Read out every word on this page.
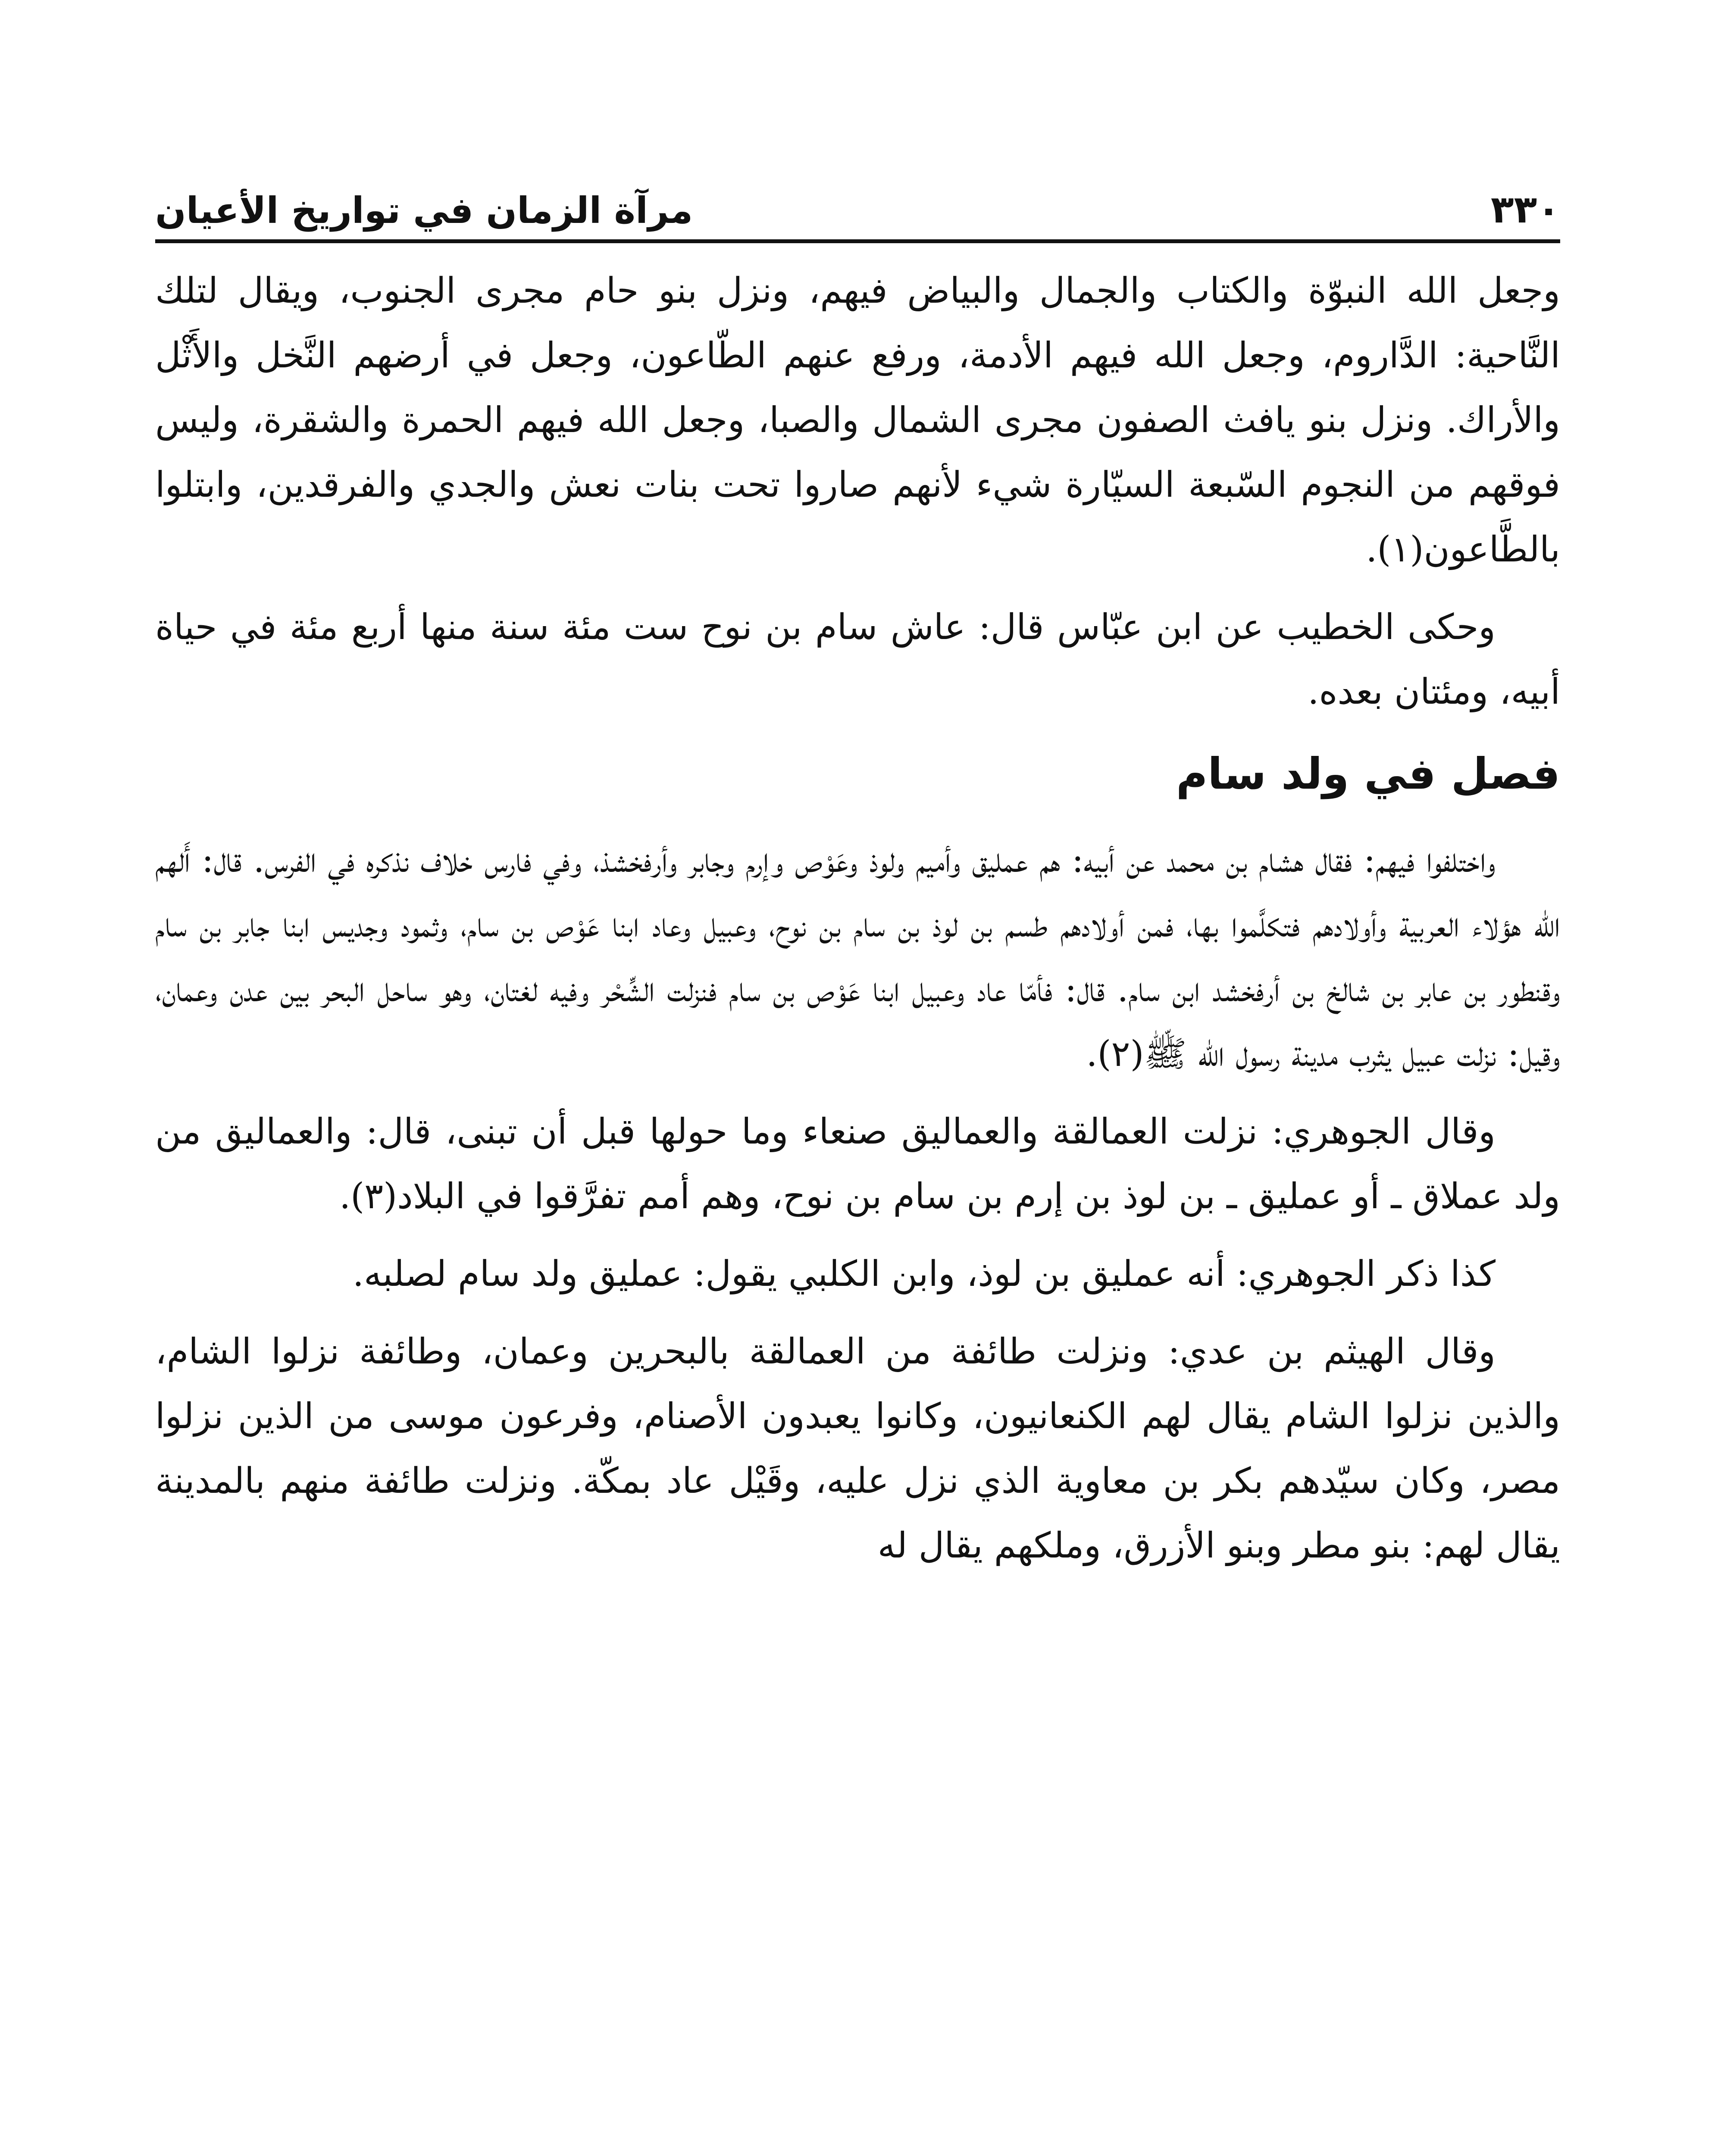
٣٣٠
مرآة الزمان في تواريخ الأعيان

وجعل الله النبوّة والكتاب والجمال والبياض فيهم، ونزل بنو حام مجرى الجنوب، ويقال لتلك النَّاحية: الدَّاروم، وجعل الله فيهم الأدمة، ورفع عنهم الطّاعون، وجعل في أرضهم النَّخل والأَثْل والأراك. ونزل بنو يافث الصفون مجرى الشمال والصبا، وجعل الله فيهم الحمرة والشقرة، وليس فوقهم من النجوم السّبعة السيّارة شيء لأنهم صاروا تحت بنات نعش والجدي والفرقدين، وابتلوا بالطَّاعون(١).

وحكى الخطيب عن ابن عبّاس قال: عاش سام بن نوح ست مئة سنة منها أربع مئة في حياة أبيه، ومئتان بعده.

فصل في ولد سام

واختلفوا فيهم: فقال هشام بن محمد عن أبيه: هم عمليق وأميم ولوذ وعَوْص وإرم وجابر وأرفخشذ، وفي فارس خلاف نذكره في الفرس. قال: أَلهم الله هؤلاء العربية وأولادهم فتكلَّموا بها، فمن أولادهم طسم بن لوذ بن سام بن نوح، وعبيل وعاد ابنا عَوْص بن سام، وثمود وجديس ابنا جابر بن سام وقنطور بن عابر بن شالخ بن أرفخشد ابن سام. قال: فأمّا عاد وعبيل ابنا عَوْص بن سام فنزلت الشِّحْر وفيه لغتان، وهو ساحل البحر بين عدن وعمان، وقيل: نزلت عبيل يثرب مدينة رسول الله ﷺ(٢).

وقال الجوهري: نزلت العمالقة والعماليق صنعاء وما حولها قبل أن تبنى، قال: والعماليق من ولد عملاق ـ أو عمليق ـ بن لوذ بن إرم بن سام بن نوح، وهم أمم تفرَّقوا في البلاد(٣).

كذا ذكر الجوهري: أنه عمليق بن لوذ، وابن الكلبي يقول: عمليق ولد سام لصلبه.

وقال الهيثم بن عدي: ونزلت طائفة من العمالقة بالبحرين وعمان، وطائفة نزلوا الشام، والذين نزلوا الشام يقال لهم الكنعانيون، وكانوا يعبدون الأصنام، وفرعون موسى من الذين نزلوا مصر، وكان سيّدهم بكر بن معاوية الذي نزل عليه، وقَيْل عاد بمكّة. ونزلت طائفة منهم بالمدينة يقال لهم: بنو مطر وبنو الأزرق، وملكهم يقال له
